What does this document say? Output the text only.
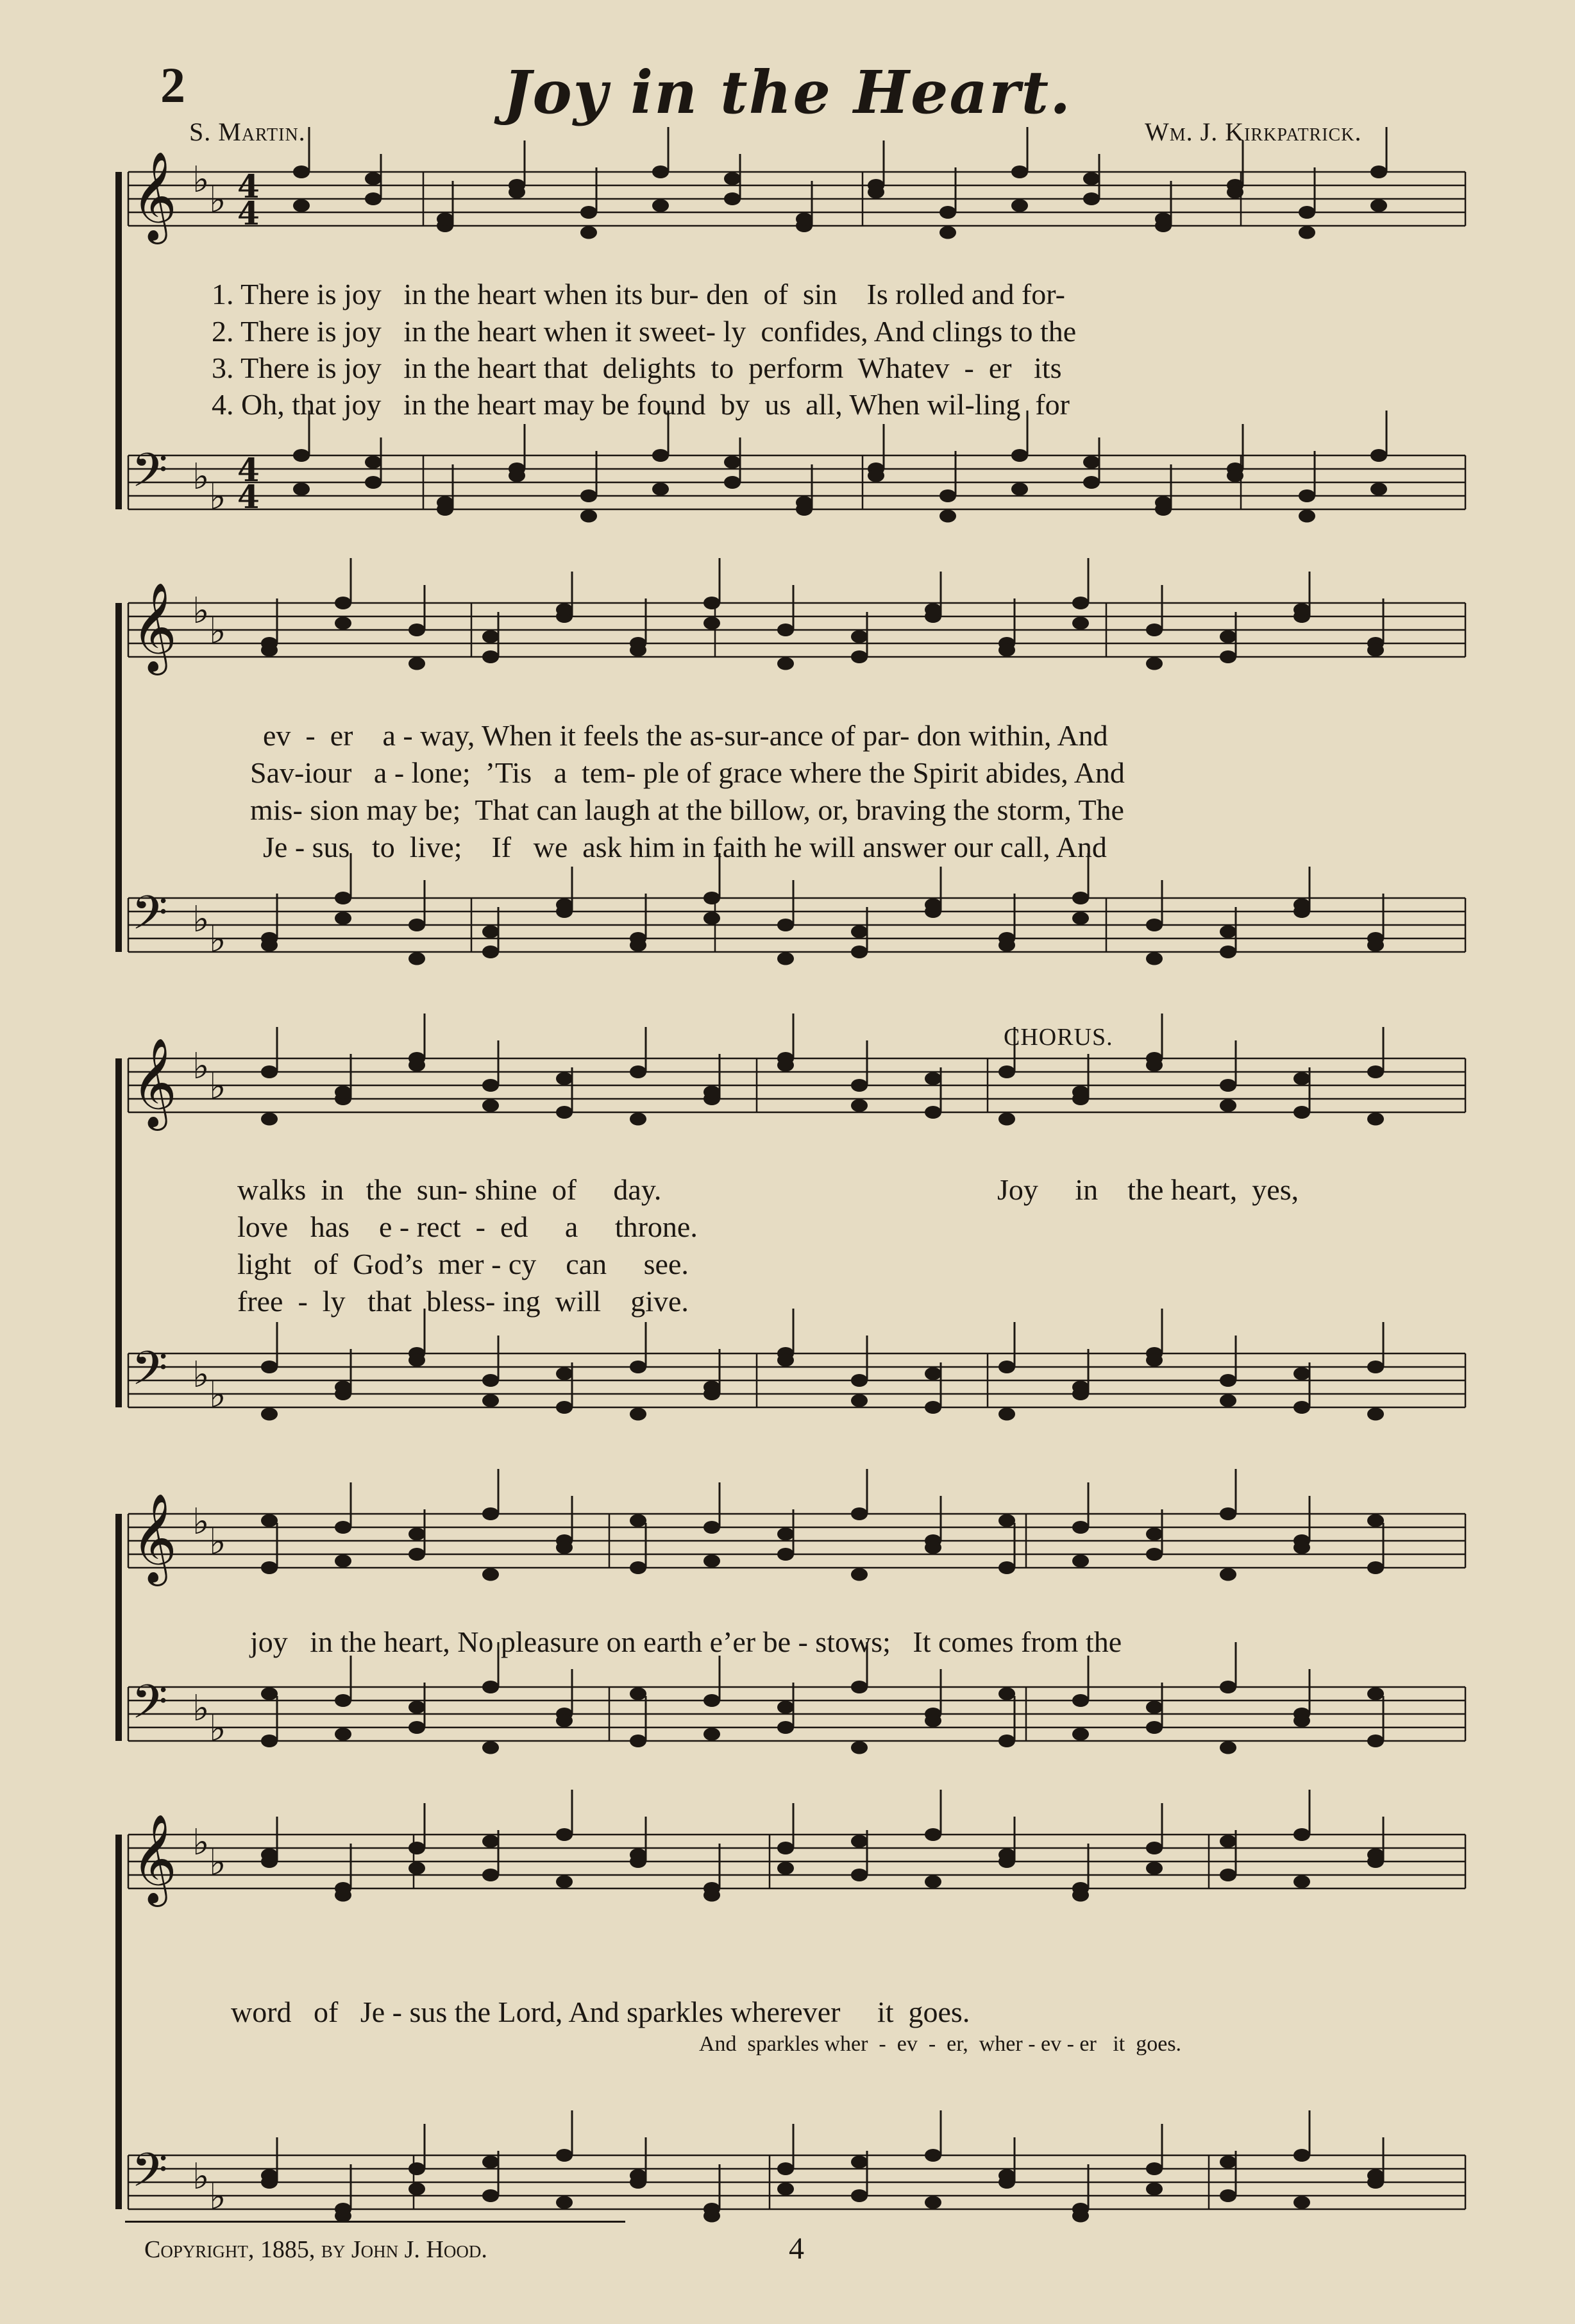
2	Joy in the Heart.
S. Martin.	Wm. J. Kirkpatrick.
𝄞 ♭ ♭
𝄢 ♭ ♭
𝄞 ♭ ♭
𝄢 ♭ ♭
𝄞 ♭ ♭
𝄢 ♭ ♭
𝄞 ♭ ♭
𝄢 ♭ ♭
𝄞 ♭ ♭
𝄢 ♭ ♭
4
4
4
4
1. There is joy   in the heart when its bur- den  of  sin    Is rolled and for-
2. There is joy   in the heart when it sweet- ly  confides, And clings to the
3. There is joy   in the heart that  delights  to  perform  Whatev  -  er   its
4. Oh, that joy   in the heart may be found  by  us  all, When wil-ling  for
ev  -  er    a - way, When it feels the as-sur-ance of par- don within, And
Sav-iour   a - lone;  ’Tis   a  tem- ple of grace where the Spirit abides, And
mis- sion may be;  That can laugh at the billow, or, braving the storm, The
Je - sus   to  live;    If   we  ask him in faith he will answer our call, And
CHORUS.
walks  in   the  sun- shine  of     day.
love   has    e - rect  -  ed     a     throne.
light   of  God’s  mer - cy    can     see.
free  -  ly   that  bless- ing  will    give.
Joy     in    the heart,  yes,
joy   in the heart, No pleasure on earth e’er be - stows;   It comes from the
word   of   Je - sus the Lord, And sparkles wherever     it  goes.
And  sparkles wher  -  ev  -  er,  wher - ev - er   it  goes.
Copyright, 1885, by John J. Hood.	4
